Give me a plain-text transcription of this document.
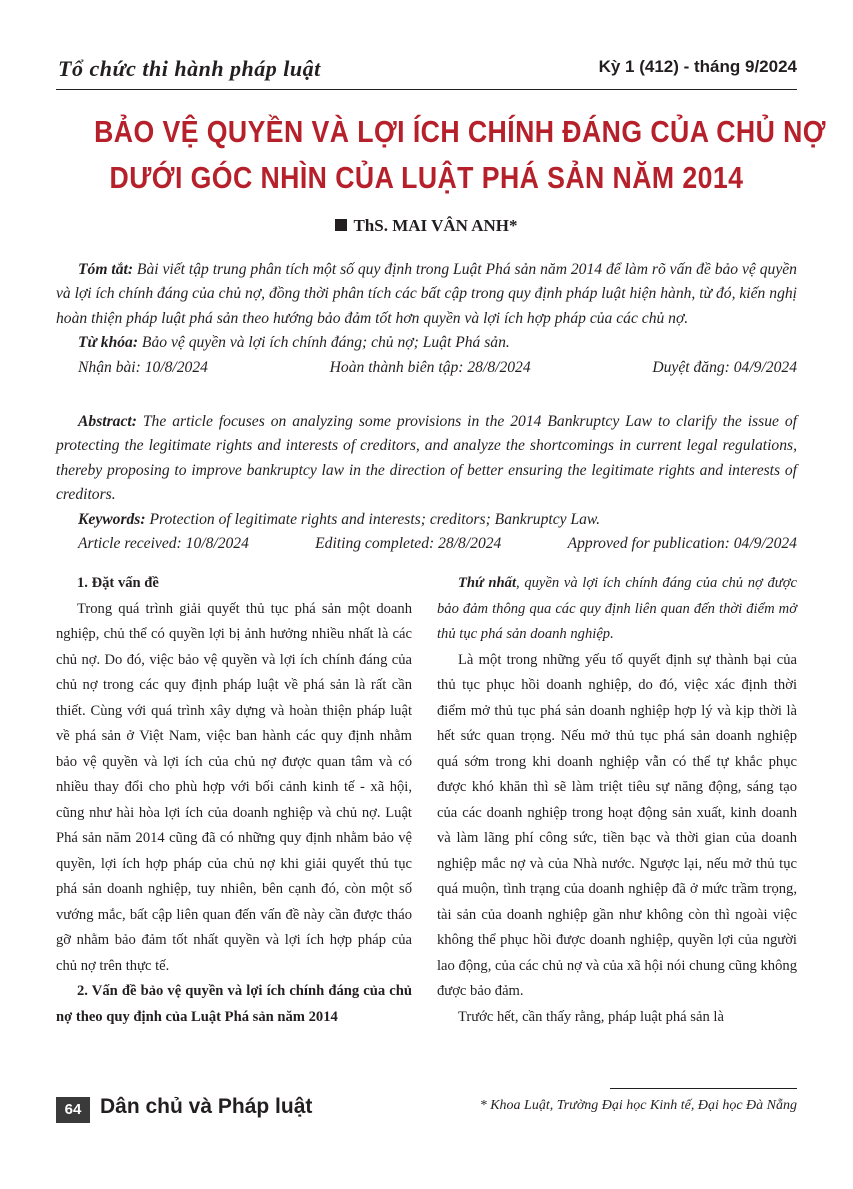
Tổ chức thi hành pháp luật	Kỳ 1 (412) - tháng 9/2024
BẢO VỆ QUYỀN VÀ LỢI ÍCH CHÍNH ĐÁNG CỦA CHỦ NỢ
DƯỚI GÓC NHÌN CỦA LUẬT PHÁ SẢN NĂM 2014
ThS. MAI VÂN ANH*

Tóm tắt: Bài viết tập trung phân tích một số quy định trong Luật Phá sản năm 2014 để làm rõ vấn đề bảo vệ quyền và lợi ích chính đáng của chủ nợ, đồng thời phân tích các bất cập trong quy định pháp luật hiện hành, từ đó, kiến nghị hoàn thiện pháp luật phá sản theo hướng bảo đảm tốt hơn quyền và lợi ích hợp pháp của các chủ nợ.

Từ khóa: Bảo vệ quyền và lợi ích chính đáng; chủ nợ; Luật Phá sản.

Nhận bài: 10/8/2024	Hoàn thành biên tập: 28/8/2024	Duyệt đăng: 04/9/2024

Abstract: The article focuses on analyzing some provisions in the 2014 Bankruptcy Law to clarify the issue of protecting the legitimate rights and interests of creditors, and analyze the shortcomings in current legal regulations, thereby proposing to improve bankruptcy law in the direction of better ensuring the legitimate rights and interests of creditors.

Keywords: Protection of legitimate rights and interests; creditors; Bankruptcy Law.

Article received: 10/8/2024	Editing completed: 28/8/2024	Approved for publication: 04/9/2024

1. Đặt vấn đề

Trong quá trình giải quyết thủ tục phá sản một doanh nghiệp, chủ thể có quyền lợi bị ảnh hưởng nhiều nhất là các chủ nợ. Do đó, việc bảo vệ quyền và lợi ích chính đáng của chủ nợ trong các quy định pháp luật về phá sản là rất cần thiết. Cùng với quá trình xây dựng và hoàn thiện pháp luật về phá sản ở Việt Nam, việc ban hành các quy định nhằm bảo vệ quyền và lợi ích của chủ nợ được quan tâm và có nhiều thay đổi cho phù hợp với bối cảnh kinh tế - xã hội, cũng như hài hòa lợi ích của doanh nghiệp và chủ nợ. Luật Phá sản năm 2014 cũng đã có những quy định nhằm bảo vệ quyền, lợi ích hợp pháp của chủ nợ khi giải quyết thủ tục phá sản doanh nghiệp, tuy nhiên, bên cạnh đó, còn một số vướng mắc, bất cập liên quan đến vấn đề này cần được tháo gỡ nhằm bảo đảm tốt nhất quyền và lợi ích hợp pháp của chủ nợ trên thực tế.

2. Vấn đề bảo vệ quyền và lợi ích chính đáng của chủ nợ theo quy định của Luật Phá sản năm 2014

Thứ nhất, quyền và lợi ích chính đáng của chủ nợ được bảo đảm thông qua các quy định liên quan đến thời điểm mở thủ tục phá sản doanh nghiệp.

Là một trong những yếu tố quyết định sự thành bại của thủ tục phục hồi doanh nghiệp, do đó, việc xác định thời điểm mở thủ tục phá sản doanh nghiệp hợp lý và kịp thời là hết sức quan trọng. Nếu mở thủ tục phá sản doanh nghiệp quá sớm trong khi doanh nghiệp vẫn có thể tự khắc phục được khó khăn thì sẽ làm triệt tiêu sự năng động, sáng tạo của các doanh nghiệp trong hoạt động sản xuất, kinh doanh và làm lãng phí công sức, tiền bạc và thời gian của doanh nghiệp mắc nợ và của Nhà nước. Ngược lại, nếu mở thủ tục quá muộn, tình trạng của doanh nghiệp đã ở mức trầm trọng, tài sản của doanh nghiệp gần như không còn thì ngoài việc không thể phục hồi được doanh nghiệp, quyền lợi của người lao động, của các chủ nợ và của xã hội nói chung cũng không được bảo đảm.

Trước hết, cần thấy rằng, pháp luật phá sản là

64 Dân chủ và Pháp luật	* Khoa Luật, Trường Đại học Kinh tế, Đại học Đà Nẵng
